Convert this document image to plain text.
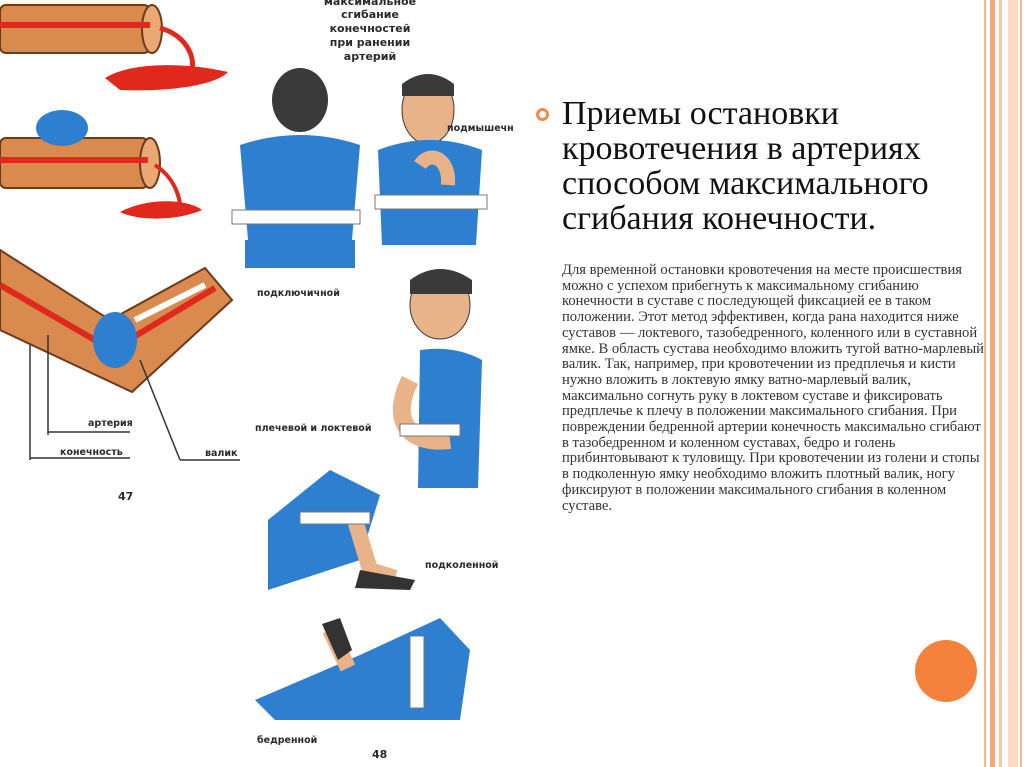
максимальное
сгибание
конечностей
при ранении
артерий
подмышечн
подключичной
плечевой и локтевой
подколенной
бедренной
артерия
конечность	валик
47
48
Приемы остановки кровотечения в артериях способом максимального сгибания конечности.

Для временной остановки кровотечения на месте происшествия можно с успехом прибегнуть к максимальному сгибанию конечности в суставе с последующей фиксацией ее в таком положении. Этот метод эффективен, когда рана находится ниже суставов — локтевого, тазобедренного, коленного или в суставной ямке. В область сустава необходимо вложить тугой ватно-марлевый валик. Так, например, при кровотечении из предплечья и кисти нужно вложить в локтевую ямку ватно-марлевый валик, максимально согнуть руку в локтевом суставе и фиксировать предплечье к плечу в положении максимального сгибания. При повреждении бедренной артерии конечность максимально сгибают в тазобедренном и коленном суставах, бедро и голень прибинтовывают к туловищу. При кровотечении из голени и стопы в подколенную ямку необходимо вложить плотный валик, ногу фиксируют в положении максимального сгибания в коленном суставе.
